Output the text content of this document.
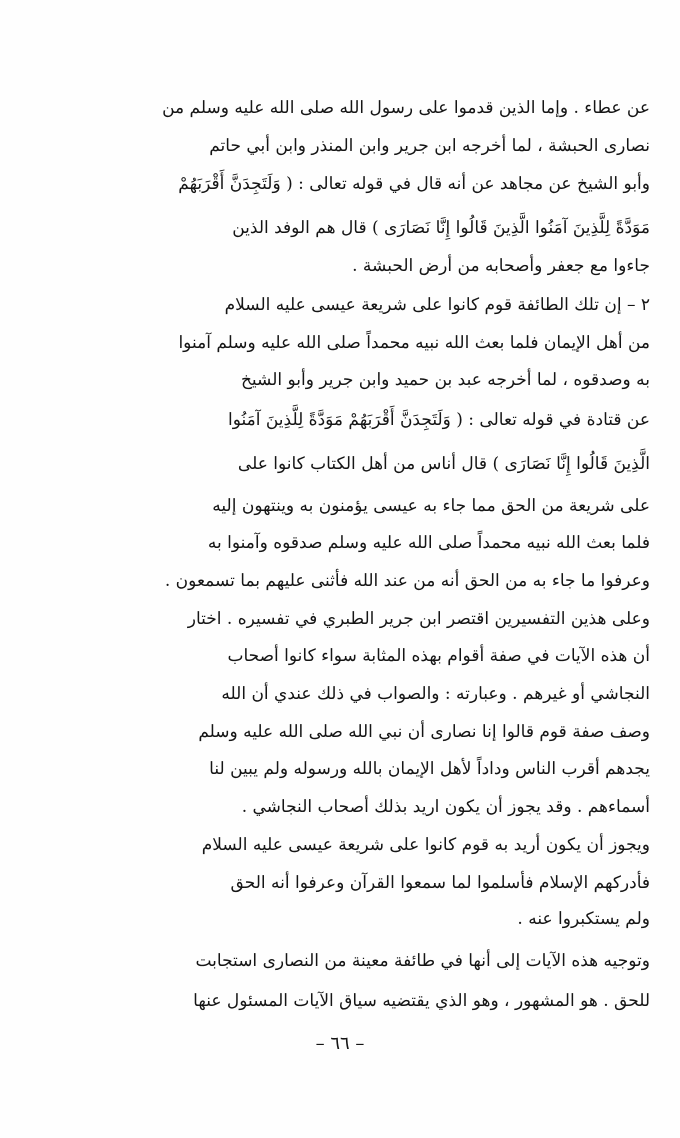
عن عطاء . وإما الذين قدموا على رسول الله صلى الله عليه وسلم من
نصارى الحبشة ، لما أخرجه ابن جرير وابن المنذر وابن أبي حاتم
وأبو الشيخ عن مجاهد عن أنه قال في قوله تعالى : ( وَلَتَجِدَنَّ أَقْرَبَهُمْ
مَوَدَّةً لِلَّذِينَ آمَنُوا الَّذِينَ قَالُوا إِنَّا نَصَارَى ) قال هم الوفد الذين
جاءوا مع جعفر وأصحابه من أرض الحبشة .
٢ – إن تلك الطائفة قوم كانوا على شريعة عيسى عليه السلام
من أهل الإيمان فلما بعث الله نبيه محمداً صلى الله عليه وسلم آمنوا
به وصدقوه ، لما أخرجه عبد بن حميد وابن جرير وأبو الشيخ
عن قتادة في قوله تعالى : ( وَلَتَجِدَنَّ أَقْرَبَهُمْ مَوَدَّةً لِلَّذِينَ آمَنُوا
الَّذِينَ قَالُوا إِنَّا نَصَارَى ) قال أناس من أهل الكتاب كانوا على
على شريعة من الحق مما جاء به عيسى يؤمنون به وينتهون إليه
فلما بعث الله نبيه محمداً صلى الله عليه وسلم صدقوه وآمنوا به
وعرفوا ما جاء به من الحق أنه من عند الله فأثنى عليهم بما تسمعون .
وعلى هذين التفسيرين اقتصر ابن جرير الطبري في تفسيره . اختار
أن هذه الآيات في صفة أقوام بهذه المثابة سواء كانوا أصحاب
النجاشي أو غيرهم . وعبارته : والصواب في ذلك عندي أن الله
وصف صفة قوم قالوا إنا نصارى أن نبي الله صلى الله عليه وسلم
يجدهم أقرب الناس وداداً لأهل الإيمان بالله ورسوله ولم يبين لنا
أسماءهم . وقد يجوز أن يكون اريد بذلك أصحاب النجاشي .
ويجوز أن يكون أريد به قوم كانوا على شريعة عيسى عليه السلام
فأدركهم الإسلام فأسلموا لما سمعوا القرآن وعرفوا أنه الحق
ولم يستكبروا عنه .
وتوجيه هذه الآيات إلى أنها في طائفة معينة من النصارى استجابت
للحق . هو المشهور ، وهو الذي يقتضيه سياق الآيات المسئول عنها
– ٦٦ –
